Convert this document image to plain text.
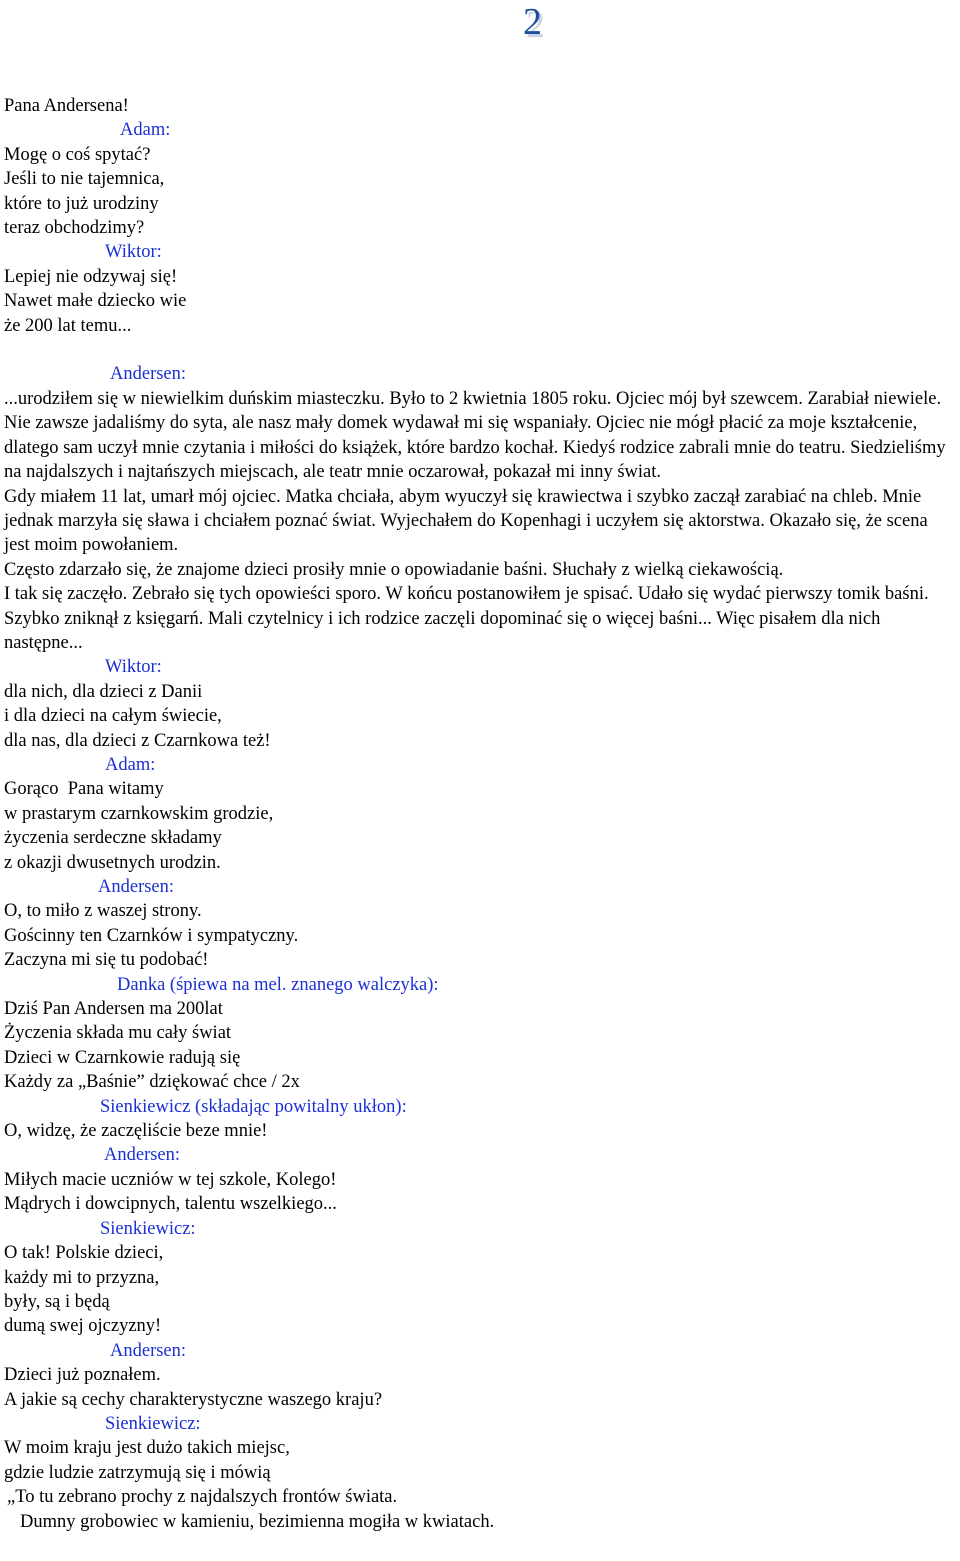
2
Pana Andersena!
Adam:
Mogę o coś spytać?
Jeśli to nie tajemnica,
które to już urodziny
teraz obchodzimy?
Wiktor:
Lepiej nie odzywaj się!
Nawet małe dziecko wie
że 200 lat temu...

Andersen:

...urodziłem się w niewielkim duńskim miasteczku. Było to 2 kwietnia 1805 roku. Ojciec mój był szewcem. Zarabiał niewiele. Nie zawsze jadaliśmy do syta, ale nasz mały domek wydawał mi się wspaniały. Ojciec nie mógł płacić za moje kształcenie, dlatego sam uczył mnie czytania i miłości do książek, które bardzo kochał. Kiedyś rodzice zabrali mnie do teatru. Siedzieliśmy na najdalszych i najtańszych miejscach, ale teatr mnie oczarował, pokazał mi inny świat.

Gdy miałem 11 lat, umarł mój ojciec. Matka chciała, abym wyuczył się krawiectwa i szybko zaczął zarabiać na chleb. Mnie jednak marzyła się sława i chciałem poznać świat. Wyjechałem do Kopenhagi i uczyłem się aktorstwa. Okazało się, że scena jest moim powołaniem.

Często zdarzało się, że znajome dzieci prosiły mnie o opowiadanie baśni. Słuchały z wielką ciekawością.

I tak się zaczęło. Zebrało się tych opowieści sporo. W końcu postanowiłem je spisać. Udało się wydać pierwszy tomik baśni. Szybko zniknął z księgarń. Mali czytelnicy i ich rodzice zaczęli dopominać się o więcej baśni... Więc pisałem dla nich następne...

Wiktor:
dla nich, dla dzieci z Danii
i dla dzieci na całym świecie,
dla nas, dla dzieci z Czarnkowa też!
Adam:
Gorąco  Pana witamy
w prastarym czarnkowskim grodzie,
życzenia serdeczne składamy
z okazji dwusetnych urodzin.
Andersen:
O, to miło z waszej strony.
Gościnny ten Czarnków i sympatyczny.
Zaczyna mi się tu podobać!
Danka (śpiewa na mel. znanego walczyka):
Dziś Pan Andersen ma 200lat
Życzenia składa mu cały świat
Dzieci w Czarnkowie radują się
Każdy za „Baśnie” dziękować chce / 2x
Sienkiewicz (składając powitalny ukłon):
O, widzę, że zaczęliście beze mnie!
Andersen:
Miłych macie uczniów w tej szkole, Kolego!
Mądrych i dowcipnych, talentu wszelkiego...
Sienkiewicz:
O tak! Polskie dzieci,
każdy mi to przyzna,
były, są i będą
dumą swej ojczyzny!
Andersen:
Dzieci już poznałem.
A jakie są cechy charakterystyczne waszego kraju?
Sienkiewicz:
W moim kraju jest dużo takich miejsc,
gdzie ludzie zatrzymują się i mówią
„To tu zebrano prochy z najdalszych frontów świata.
Dumny grobowiec w kamieniu, bezimienna mogiła w kwiatach.
